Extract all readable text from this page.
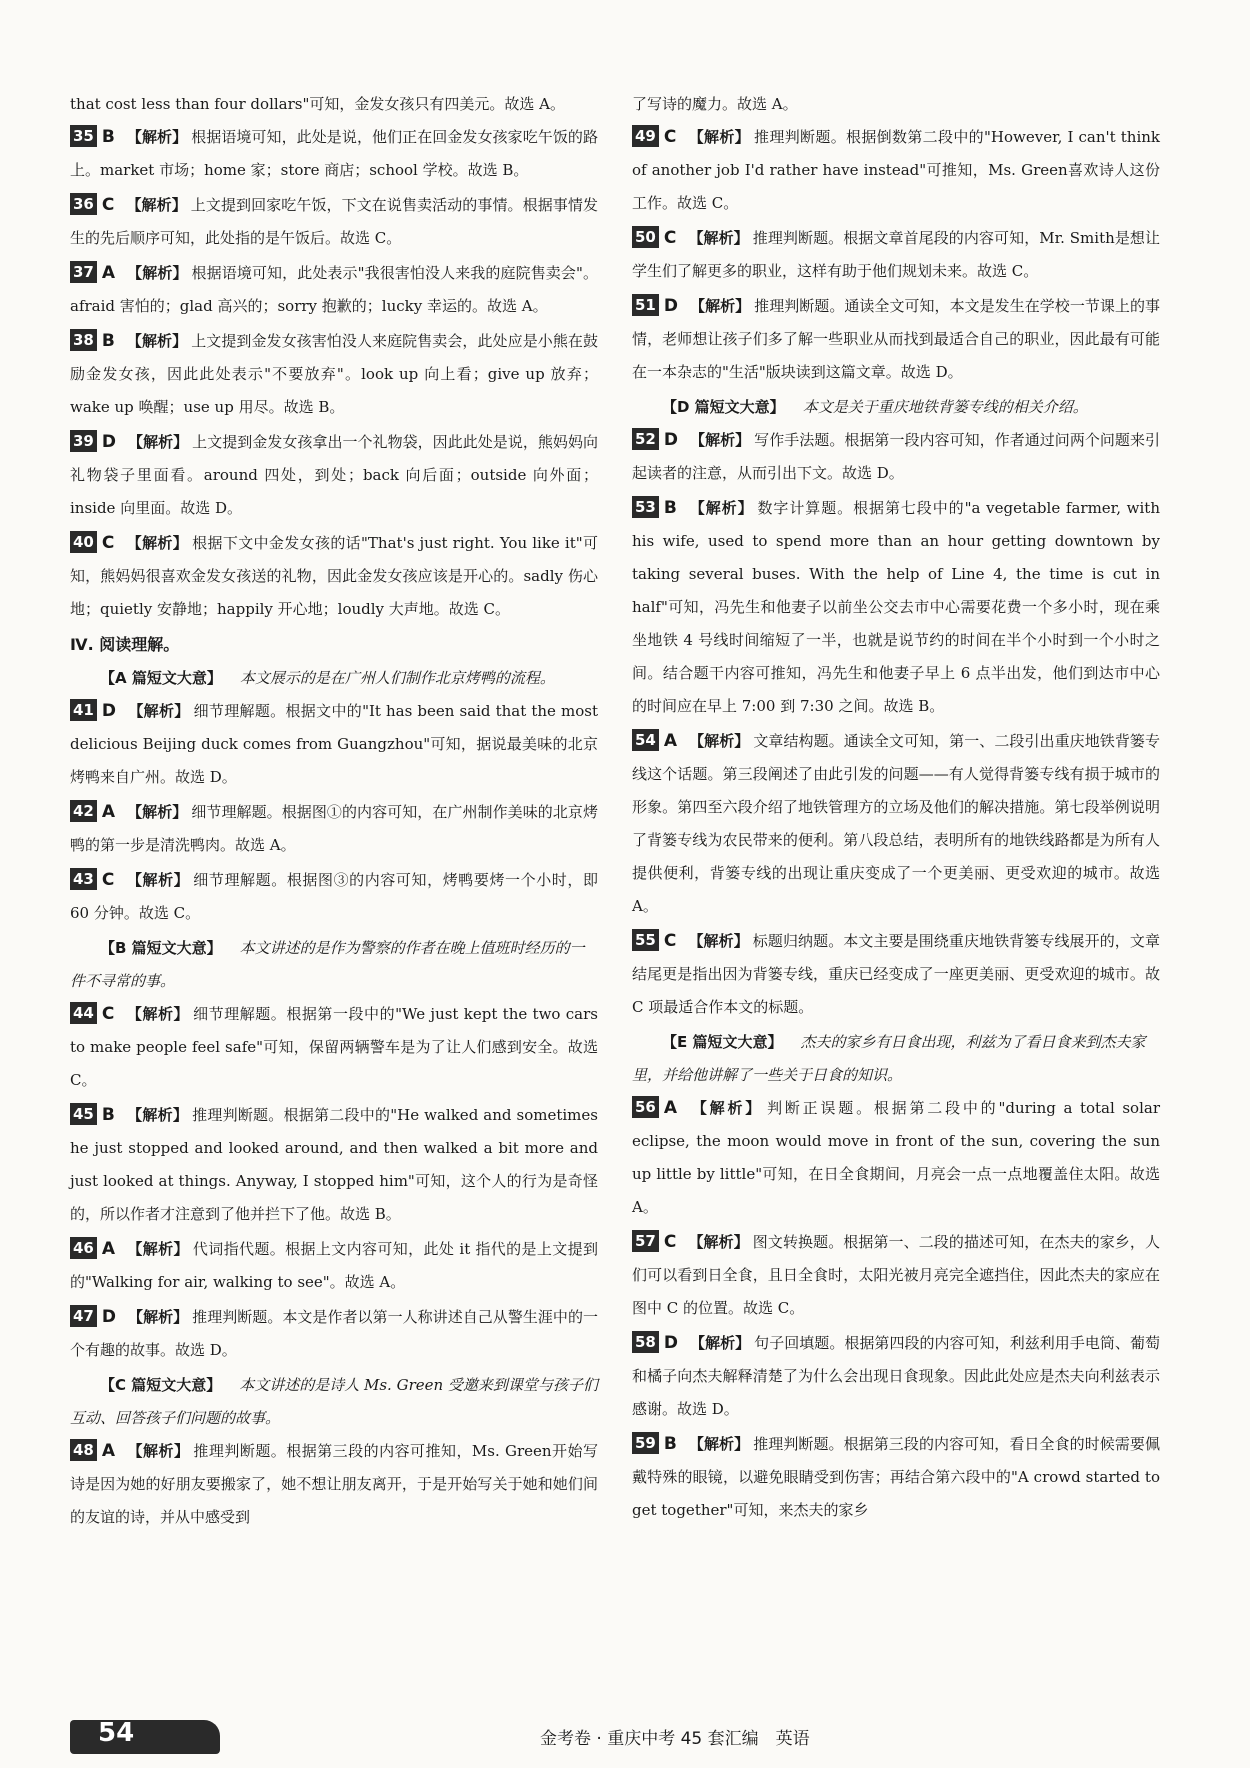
that cost less than four dollars"可知，金发女孩只有四美元。故选 A。

35 B 【解析】 根据语境可知，此处是说，他们正在回金发女孩家吃午饭的路上。market 市场；home 家；store 商店；school 学校。故选 B。

36 C 【解析】 上文提到回家吃午饭，下文在说售卖活动的事情。根据事情发生的先后顺序可知，此处指的是午饭后。故选 C。

37 A 【解析】 根据语境可知，此处表示"我很害怕没人来我的庭院售卖会"。afraid 害怕的；glad 高兴的；sorry 抱歉的；lucky 幸运的。故选 A。

38 B 【解析】 上文提到金发女孩害怕没人来庭院售卖会，此处应是小熊在鼓励金发女孩，因此此处表示"不要放弃"。look up 向上看；give up 放弃；wake up 唤醒；use up 用尽。故选 B。

39 D 【解析】 上文提到金发女孩拿出一个礼物袋，因此此处是说，熊妈妈向礼物袋子里面看。around 四处，到处；back 向后面；outside 向外面；inside 向里面。故选 D。

40 C 【解析】 根据下文中金发女孩的话"That's just right. You like it"可知，熊妈妈很喜欢金发女孩送的礼物，因此金发女孩应该是开心的。sadly 伤心地；quietly 安静地；happily 开心地；loudly 大声地。故选 C。

Ⅳ. 阅读理解。

【A 篇短文大意】 本文展示的是在广州人们制作北京烤鸭的流程。

41 D 【解析】 细节理解题。根据文中的"It has been said that the most delicious Beijing duck comes from Guangzhou"可知，据说最美味的北京烤鸭来自广州。故选 D。

42 A 【解析】 细节理解题。根据图①的内容可知，在广州制作美味的北京烤鸭的第一步是清洗鸭肉。故选 A。

43 C 【解析】 细节理解题。根据图③的内容可知，烤鸭要烤一个小时，即 60 分钟。故选 C。

【B 篇短文大意】 本文讲述的是作为警察的作者在晚上值班时经历的一件不寻常的事。

44 C 【解析】 细节理解题。根据第一段中的"We just kept the two cars to make people feel safe"可知，保留两辆警车是为了让人们感到安全。故选 C。

45 B 【解析】 推理判断题。根据第二段中的"He walked and sometimes he just stopped and looked around, and then walked a bit more and just looked at things. Anyway, I stopped him"可知，这个人的行为是奇怪的，所以作者才注意到了他并拦下了他。故选 B。

46 A 【解析】 代词指代题。根据上文内容可知，此处 it 指代的是上文提到的"Walking for air, walking to see"。故选 A。

47 D 【解析】 推理判断题。本文是作者以第一人称讲述自己从警生涯中的一个有趣的故事。故选 D。

【C 篇短文大意】 本文讲述的是诗人 Ms. Green 受邀来到课堂与孩子们互动、回答孩子们问题的故事。

48 A 【解析】 推理判断题。根据第三段的内容可推知，Ms. Green开始写诗是因为她的好朋友要搬家了，她不想让朋友离开，于是开始写关于她和她们间的友谊的诗，并从中感受到

了写诗的魔力。故选 A。

49 C 【解析】 推理判断题。根据倒数第二段中的"However, I can't think of another job I'd rather have instead"可推知，Ms. Green喜欢诗人这份工作。故选 C。

50 C 【解析】 推理判断题。根据文章首尾段的内容可知，Mr. Smith是想让学生们了解更多的职业，这样有助于他们规划未来。故选 C。

51 D 【解析】 推理判断题。通读全文可知，本文是发生在学校一节课上的事情，老师想让孩子们多了解一些职业从而找到最适合自己的职业，因此最有可能在一本杂志的"生活"版块读到这篇文章。故选 D。

【D 篇短文大意】 本文是关于重庆地铁背篓专线的相关介绍。

52 D 【解析】 写作手法题。根据第一段内容可知，作者通过问两个问题来引起读者的注意，从而引出下文。故选 D。

53 B 【解析】 数字计算题。根据第七段中的"a vegetable farmer, with his wife, used to spend more than an hour getting downtown by taking several buses. With the help of Line 4, the time is cut in half"可知，冯先生和他妻子以前坐公交去市中心需要花费一个多小时，现在乘坐地铁 4 号线时间缩短了一半，也就是说节约的时间在半个小时到一个小时之间。结合题干内容可推知，冯先生和他妻子早上 6 点半出发，他们到达市中心的时间应在早上 7:00 到 7:30 之间。故选 B。

54 A 【解析】 文章结构题。通读全文可知，第一、二段引出重庆地铁背篓专线这个话题。第三段阐述了由此引发的问题——有人觉得背篓专线有损于城市的形象。第四至六段介绍了地铁管理方的立场及他们的解决措施。第七段举例说明了背篓专线为农民带来的便利。第八段总结，表明所有的地铁线路都是为所有人提供便利，背篓专线的出现让重庆变成了一个更美丽、更受欢迎的城市。故选 A。

55 C 【解析】 标题归纳题。本文主要是围绕重庆地铁背篓专线展开的，文章结尾更是指出因为背篓专线，重庆已经变成了一座更美丽、更受欢迎的城市。故 C 项最适合作本文的标题。

【E 篇短文大意】 杰夫的家乡有日食出现，利兹为了看日食来到杰夫家里，并给他讲解了一些关于日食的知识。

56 A 【解析】 判断正误题。根据第二段中的"during a total solar eclipse, the moon would move in front of the sun, covering the sun up little by little"可知，在日全食期间，月亮会一点一点地覆盖住太阳。故选 A。

57 C 【解析】 图文转换题。根据第一、二段的描述可知，在杰夫的家乡，人们可以看到日全食，且日全食时，太阳光被月亮完全遮挡住，因此杰夫的家应在图中 C 的位置。故选 C。

58 D 【解析】 句子回填题。根据第四段的内容可知，利兹利用手电筒、葡萄和橘子向杰夫解释清楚了为什么会出现日食现象。因此此处应是杰夫向利兹表示感谢。故选 D。

59 B 【解析】 推理判断题。根据第三段的内容可知，看日全食的时候需要佩戴特殊的眼镜，以避免眼睛受到伤害；再结合第六段中的"A crowd started to get together"可知，来杰夫的家乡

54	金考卷 · 重庆中考 45 套汇编　英语
